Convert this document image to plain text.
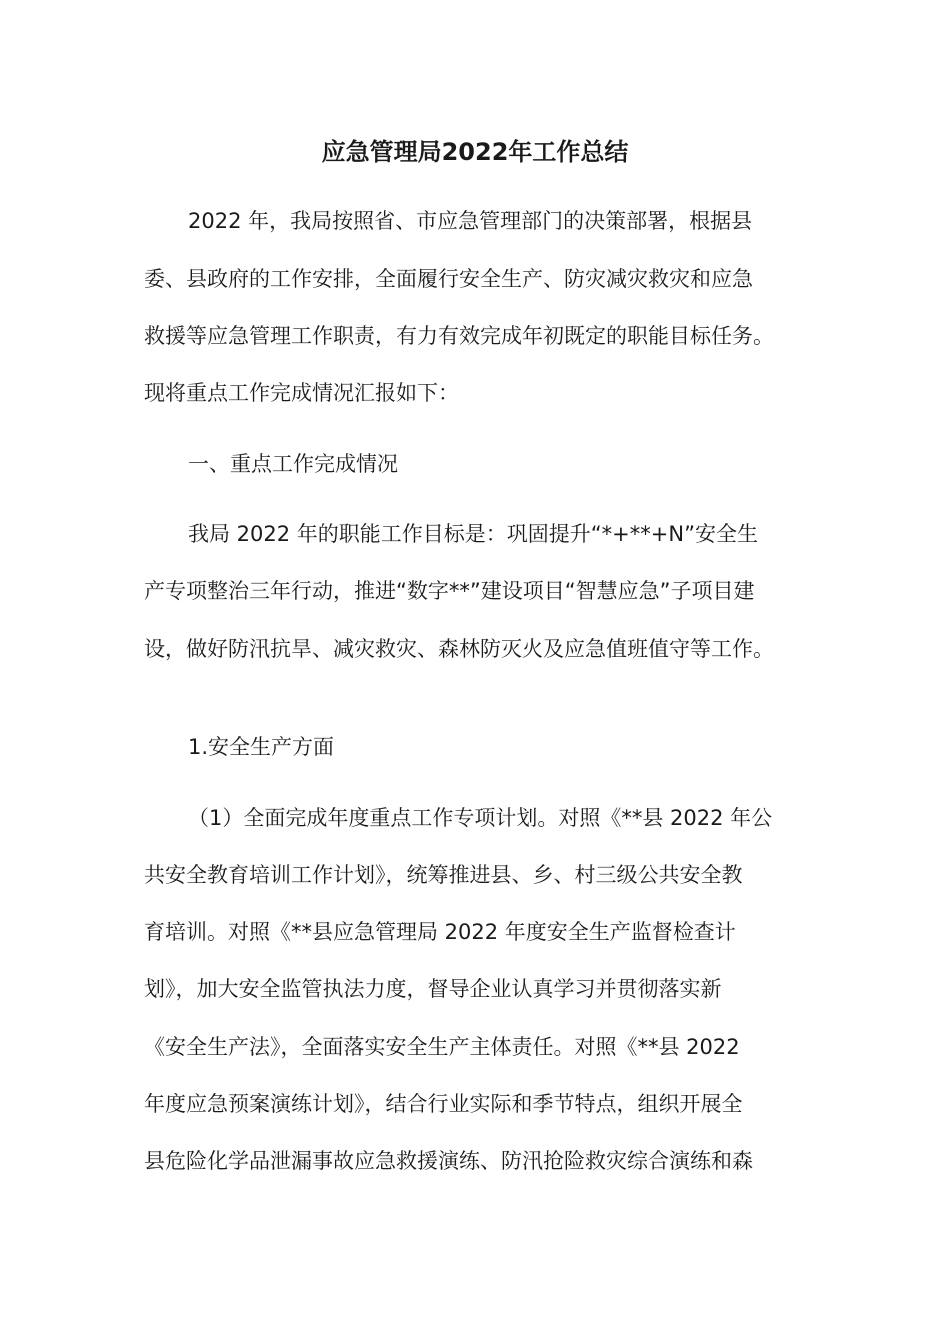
应急管理局2022年工作总结
2022 年，我局按照省、市应急管理部门的决策部署，根据县
委、县政府的工作安排，全面履行安全生产、防灾减灾救灾和应急
救援等应急管理工作职责，有力有效完成年初既定的职能目标任务。
现将重点工作完成情况汇报如下：
一、重点工作完成情况
我局 2022 年的职能工作目标是：巩固提升“*+**+N”安全生
产专项整治三年行动，推进“数字**”建设项目“智慧应急”子项目建
设，做好防汛抗旱、减灾救灾、森林防灭火及应急值班值守等工作。
1.安全生产方面
（1）全面完成年度重点工作专项计划。对照《**县 2022 年公
共安全教育培训工作计划》，统筹推进县、乡、村三级公共安全教
育培训。对照《**县应急管理局 2022 年度安全生产监督检查计
划》，加大安全监管执法力度，督导企业认真学习并贯彻落实新
《安全生产法》，全面落实安全生产主体责任。对照《**县 2022
年度应急预案演练计划》，结合行业实际和季节特点，组织开展全
县危险化学品泄漏事故应急救援演练、防汛抢险救灾综合演练和森
